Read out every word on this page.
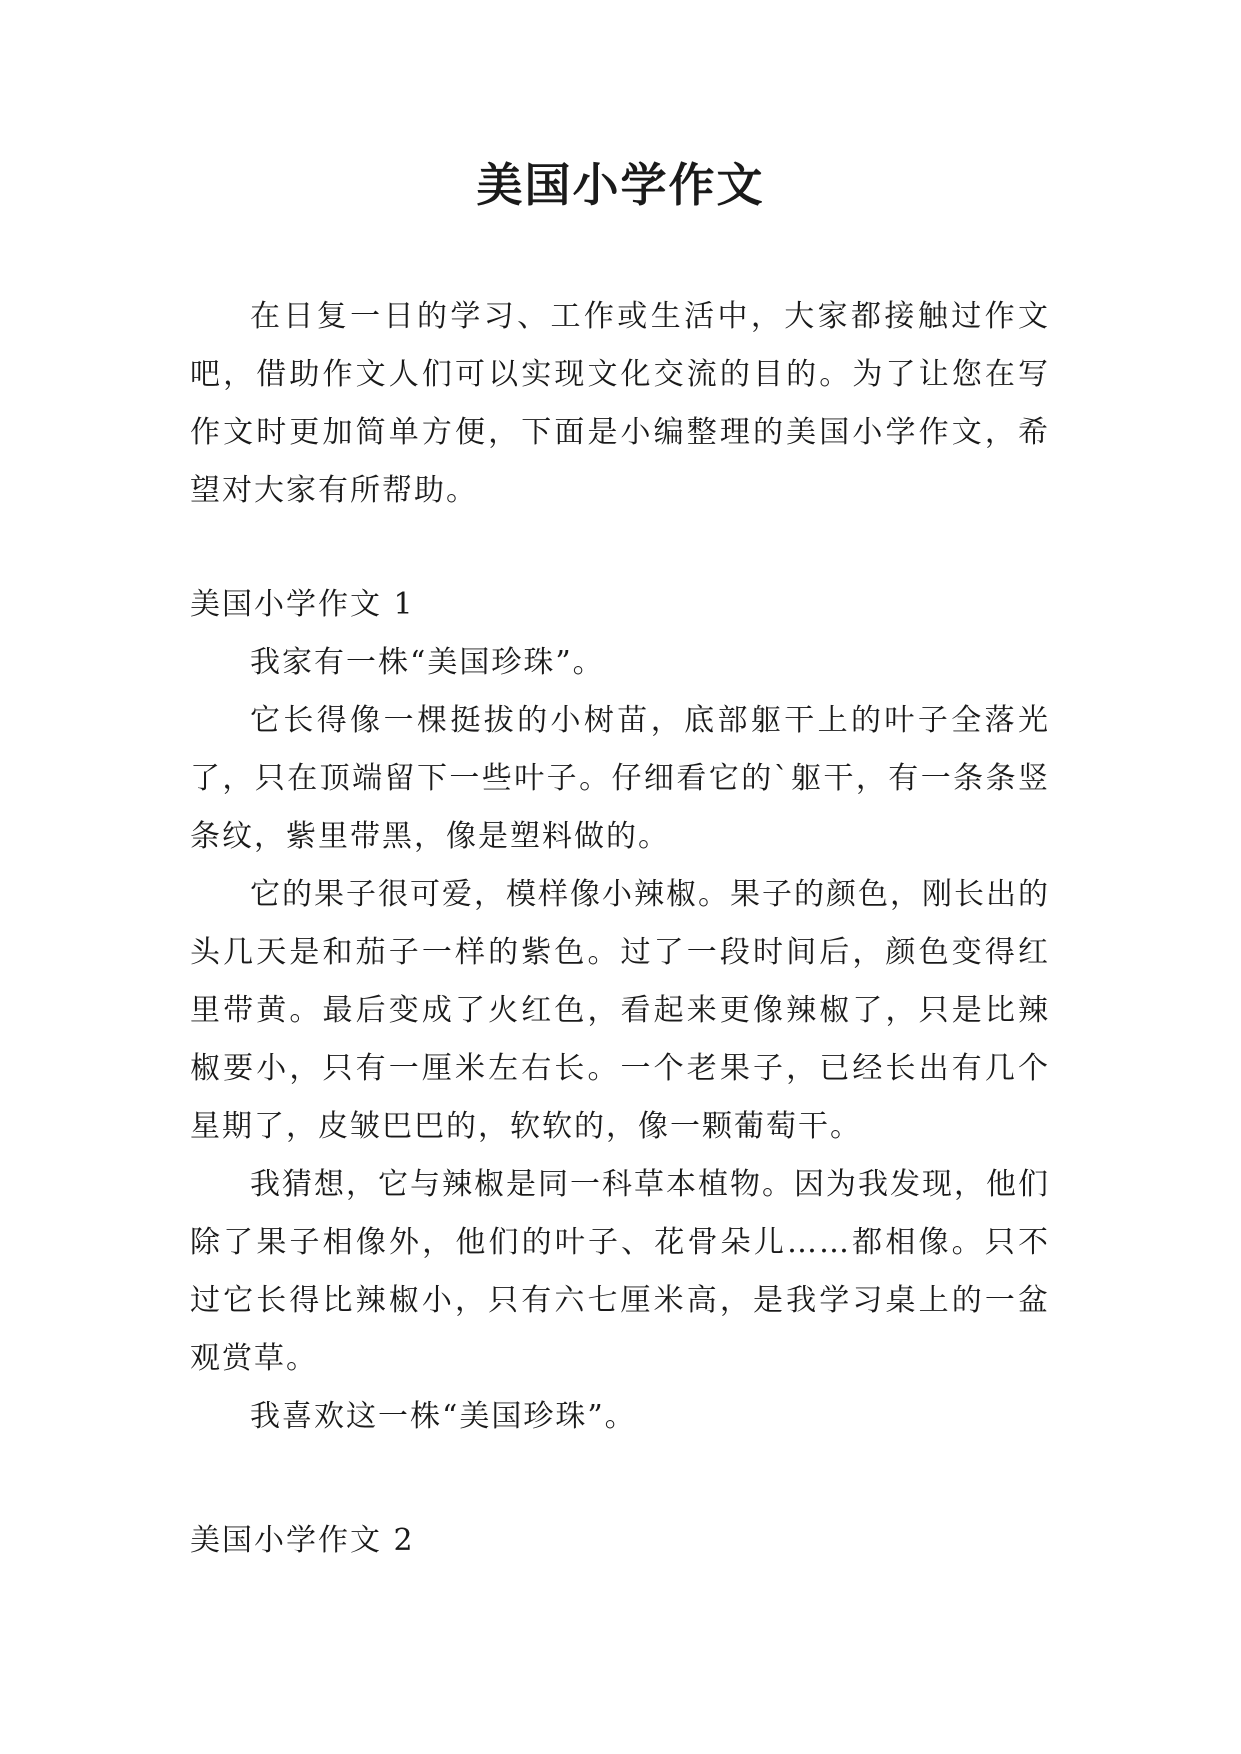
美国小学作文

在日复一日的学习、工作或生活中，大家都接触过作文吧，借助作文人们可以实现文化交流的目的。为了让您在写作文时更加简单方便，下面是小编整理的美国小学作文，希望对大家有所帮助。

美国小学作文 1

我家有一株“美国珍珠”。

它长得像一棵挺拔的小树苗，底部躯干上的叶子全落光了，只在顶端留下一些叶子。仔细看它的`躯干，有一条条竖条纹，紫里带黑，像是塑料做的。

它的果子很可爱，模样像小辣椒。果子的颜色，刚长出的头几天是和茄子一样的紫色。过了一段时间后，颜色变得红里带黄。最后变成了火红色，看起来更像辣椒了，只是比辣椒要小，只有一厘米左右长。一个老果子，已经长出有几个星期了，皮皱巴巴的，软软的，像一颗葡萄干。

我猜想，它与辣椒是同一科草本植物。因为我发现，他们除了果子相像外，他们的叶子、花骨朵儿……都相像。只不过它长得比辣椒小，只有六七厘米高，是我学习桌上的一盆观赏草。

我喜欢这一株“美国珍珠”。

美国小学作文 2
